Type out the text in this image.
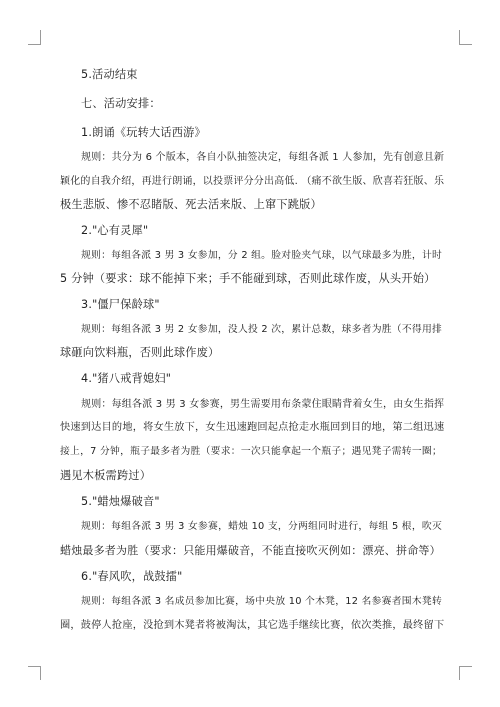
5.活动结束
七、活动安排：
1.朗诵《玩转大话西游》
规则：共分为 6 个版本，各自小队抽签决定，每组各派 1 人参加，先有创意且新
颖化的自我介绍，再进行朗诵，以投票评分分出高低. （痛不欲生版、欣喜若狂版、乐
极生悲版、惨不忍睹版、死去活来版、上窜下跳版）
2."心有灵犀"
规则：每组各派 3 男 3 女参加，分 2 组。脸对脸夹气球，以气球最多为胜，计时
5 分钟（要求：球不能掉下来；手不能碰到球，否则此球作废，从头开始）
3."僵尸保龄球"
规则：每组各派 3 男 2 女参加，没人投 2 次，累计总数，球多者为胜（不得用排
球砸向饮料瓶，否则此球作废）
4."猪八戒背媳妇"
规则：每组各派 3 男 3 女参赛，男生需要用布条蒙住眼睛背着女生，由女生指挥
快速到达目的地，将女生放下，女生迅速跑回起点抢走水瓶回到目的地，第二组迅速
接上，7 分钟，瓶子最多者为胜（要求：一次只能拿起一个瓶子；遇见凳子需转一圈；
遇见木板需跨过）
5."蜡烛爆破音"
规则：每组各派 3 男 3 女参赛，蜡烛 10 支，分两组同时进行，每组 5 根，吹灭
蜡烛最多者为胜（要求：只能用爆破音，不能直接吹灭例如：漂亮、拼命等）
6."春风吹，战鼓擂"
规则：每组各派 3 名成员参加比赛，场中央放 10 个木凳，12 名参赛者围木凳转
圈，鼓停人抢座，没抢到木凳者将被淘汰，其它选手继续比赛，依次类推，最终留下
